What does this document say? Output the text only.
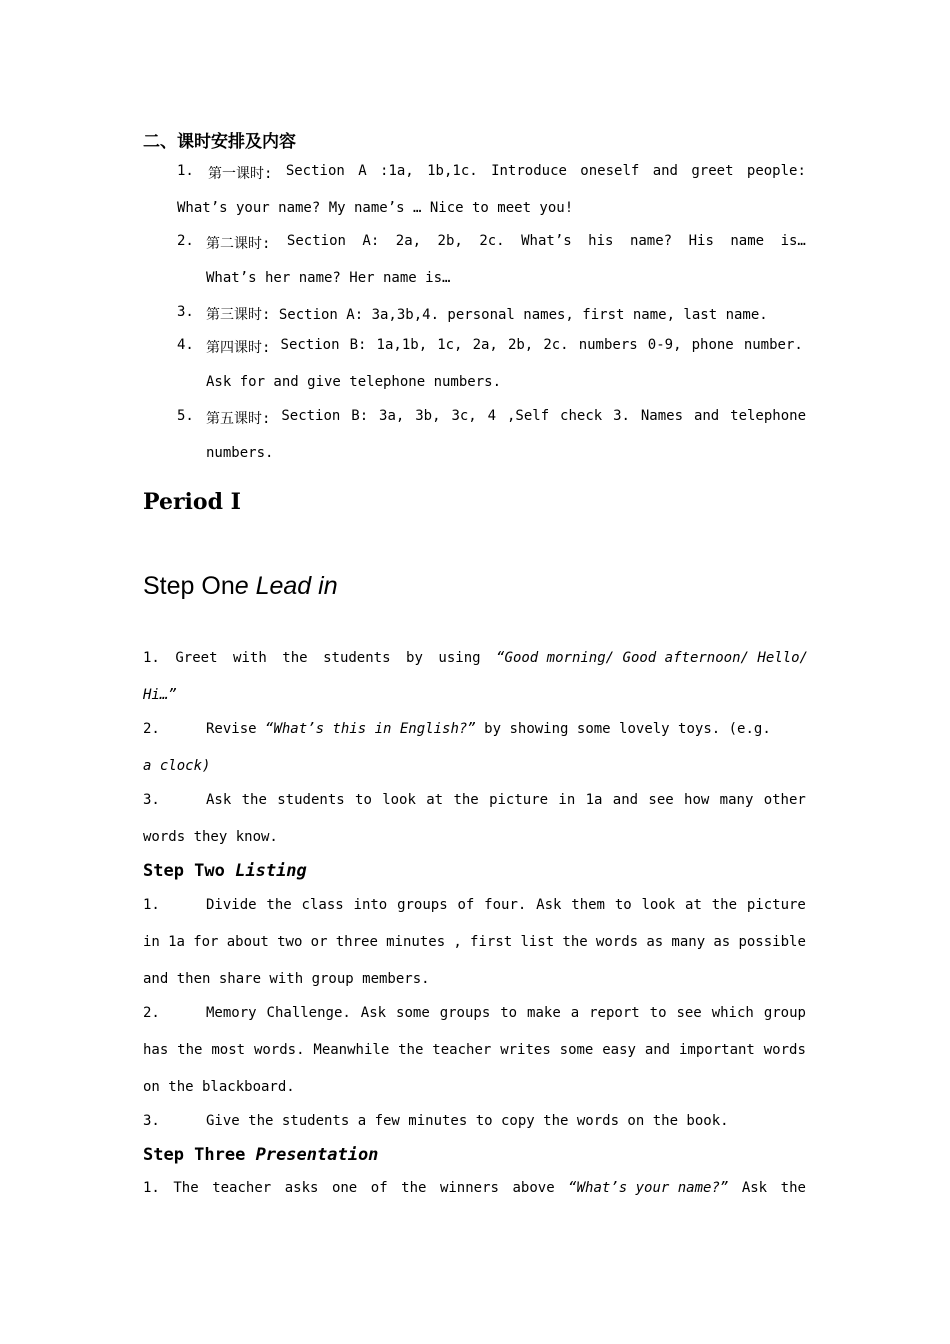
二、课时安排及内容
1. 第一课时: Section A :1a, 1b,1c. Introduce oneself and greet people:
What’s your name? My name’s … Nice to meet you!
2. 第二课时: Section A: 2a, 2b, 2c. What’s his name? His name is…
What’s her name? Her name is…
3. 第三课时: Section A: 3a,3b,4. personal names, first name, last name.
4. 第四课时: Section B: 1a,1b, 1c, 2a, 2b, 2c. numbers 0-9, phone number.
Ask for and give telephone numbers.
5. 第五课时: Section B: 3a, 3b, 3c, 4 ,Self check 3. Names and telephone
numbers.
Period Ⅰ
Step One Lead in
1. Greet with the students by using “Good morning/ Good afternoon/ Hello/
Hi…”
2.	Revise “What’s this in English?” by showing some lovely toys. (e.g.
a clock)
3.	Ask the students to look at the picture in 1a and see how many other
words they know.
Step Two Listing
1.	Divide the class into groups of four. Ask them to look at the picture
in 1a for about two or three minutes , first list the words as many as possible
and then share with group members.
2.	Memory Challenge. Ask some groups to make a report to see which group
has the most words. Meanwhile the teacher writes some easy and important words
on the blackboard.
3.	Give the students a few minutes to copy the words on the book.
Step Three Presentation
1. The teacher asks one of the winners above “What’s your name?” Ask the
